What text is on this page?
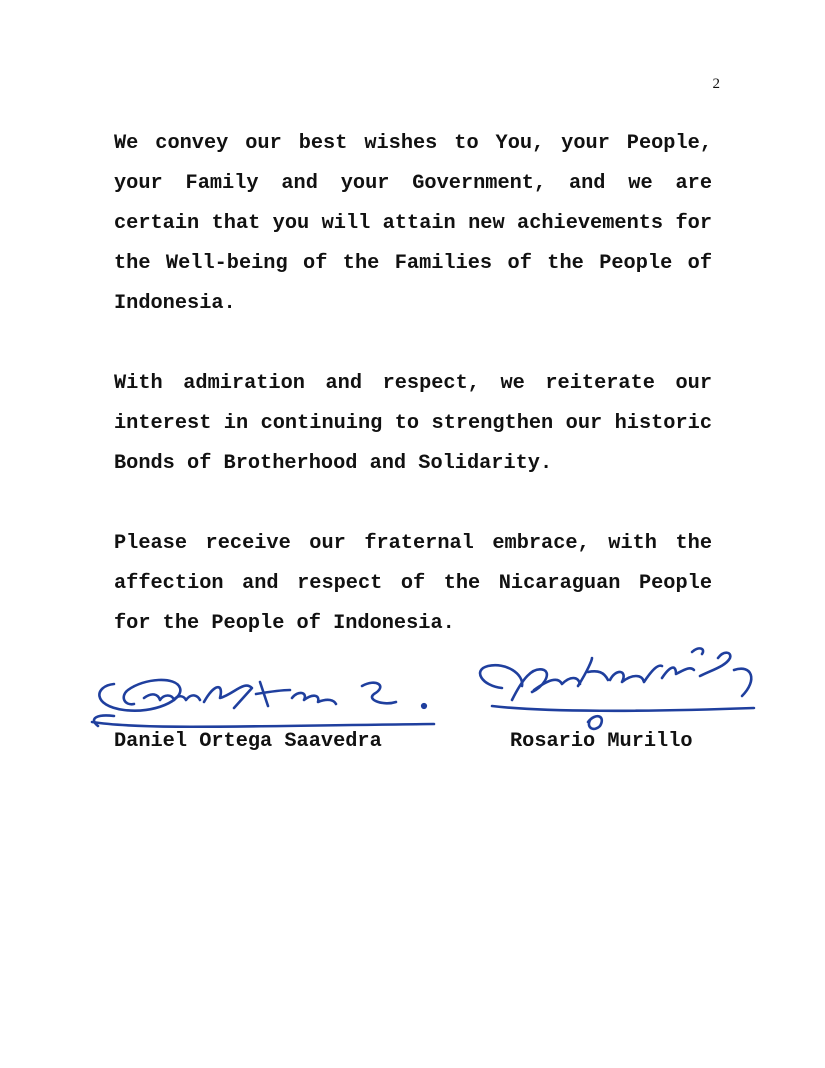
2

We convey our best wishes to You, your People, your Family and your Government, and we are certain that you will attain new achievements for the Well-being of the Families of the People of Indonesia.

With admiration and respect, we reiterate our interest in continuing to strengthen our historic Bonds of Brotherhood and Solidarity.

Please receive our fraternal embrace, with the affection and respect of the Nicaraguan People for the People of Indonesia.

Daniel Ortega Saavedra	Rosario Murillo
